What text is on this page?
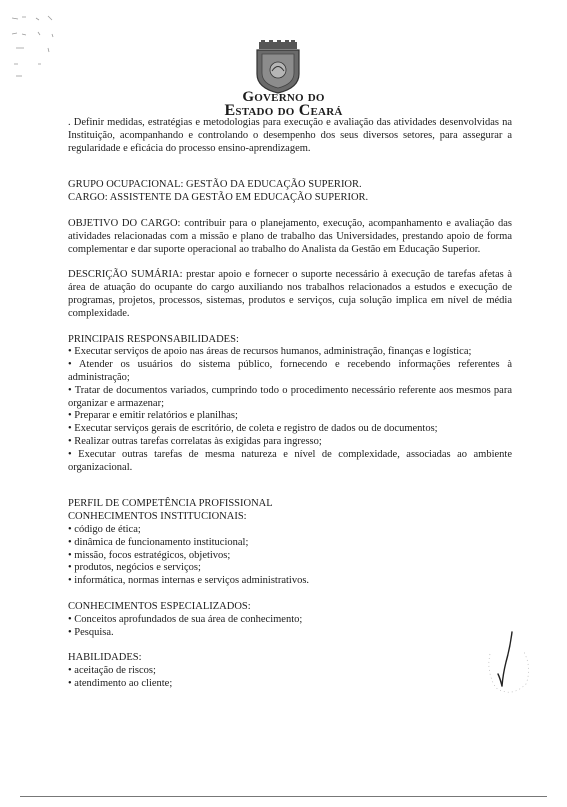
Governo do
Estado do Ceará

. Definir medidas, estratégias e metodologias para execução e avaliação das atividades desenvolvidas na Instituição, acompanhando e controlando o desempenho dos seus diversos setores, para assegurar a regularidade e eficácia do processo ensino-aprendizagem.

GRUPO OCUPACIONAL: GESTÃO DA EDUCAÇÃO SUPERIOR.

CARGO: ASSISTENTE DA GESTÃO EM EDUCAÇÃO SUPERIOR.

OBJETIVO DO CARGO: contribuir para o planejamento, execução, acompanhamento e avaliação das atividades relacionadas com a missão e plano de trabalho das Universidades, prestando apoio de forma complementar e dar suporte operacional ao trabalho do Analista da Gestão em Educação Superior.

DESCRIÇÃO SUMÁRIA: prestar apoio e fornecer o suporte necessário à execução de tarefas afetas à área de atuação do ocupante do cargo auxiliando nos trabalhos relacionados a estudos e execução de programas, projetos, processos, sistemas, produtos e serviços, cuja solução implica em nível de média complexidade.

PRINCIPAIS RESPONSABILIDADES:

• Executar serviços de apoio nas áreas de recursos humanos, administração, finanças e logística;

• Atender os usuários do sistema público, fornecendo e recebendo informações referentes à administração;

• Tratar de documentos variados, cumprindo todo o procedimento necessário referente aos mesmos para organizar e armazenar;

• Preparar e emitir relatórios e planilhas;

• Executar serviços gerais de escritório, de coleta e registro de dados ou de documentos;

• Realizar outras tarefas correlatas às exigidas para ingresso;

• Executar outras tarefas de mesma natureza e nível de complexidade, associadas ao ambiente organizacional.

PERFIL DE COMPETÊNCIA PROFISSIONAL

CONHECIMENTOS INSTITUCIONAIS:

• código de ética;

• dinâmica de funcionamento institucional;

• missão, focos estratégicos, objetivos;

• produtos, negócios e serviços;

• informática, normas internas e serviços administrativos.

CONHECIMENTOS ESPECIALIZADOS:

• Conceitos aprofundados de sua área de conhecimento;

• Pesquisa.

HABILIDADES:

• aceitação de riscos;

• atendimento ao cliente;
